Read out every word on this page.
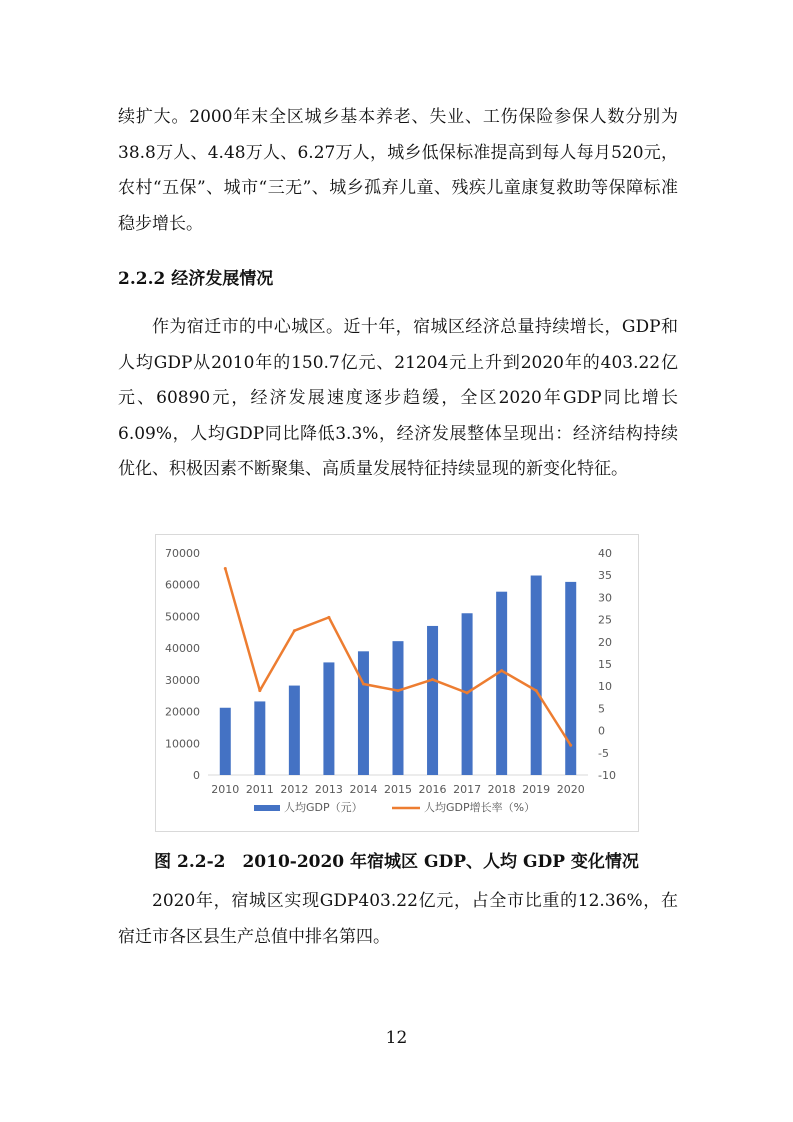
续扩大。2000年末全区城乡基本养老、失业、工伤保险参保人数分别为38.8万人、4.48万人、6.27万人，城乡低保标准提高到每人每月520元，农村“五保”、城市“三无”、城乡孤弃儿童、残疾儿童康复救助等保障标准稳步增长。

2.2.2 经济发展情况

作为宿迁市的中心城区。近十年，宿城区经济总量持续增长，GDP和人均GDP从2010年的150.7亿元、21204元上升到2020年的403.22亿元、60890元，经济发展速度逐步趋缓，全区2020年GDP同比增长6.09%，人均GDP同比降低3.3%，经济发展整体呈现出：经济结构持续优化、积极因素不断聚集、高质量发展特征持续显现的新变化特征。

0
10000
20000
30000
40000
50000
60000
70000
-10
-5
0
5
10
15
20
25
30
35
40
2010 2011 2012 2013 2014 2015 2016 2017 2018 2019 2020
人均GDP（元）	人均GDP增长率（%）

图 2.2-2　2010-2020 年宿城区 GDP、人均 GDP 变化情况

2020年，宿城区实现GDP403.22亿元，占全市比重的12.36%，在宿迁市各区县生产总值中排名第四。

12
